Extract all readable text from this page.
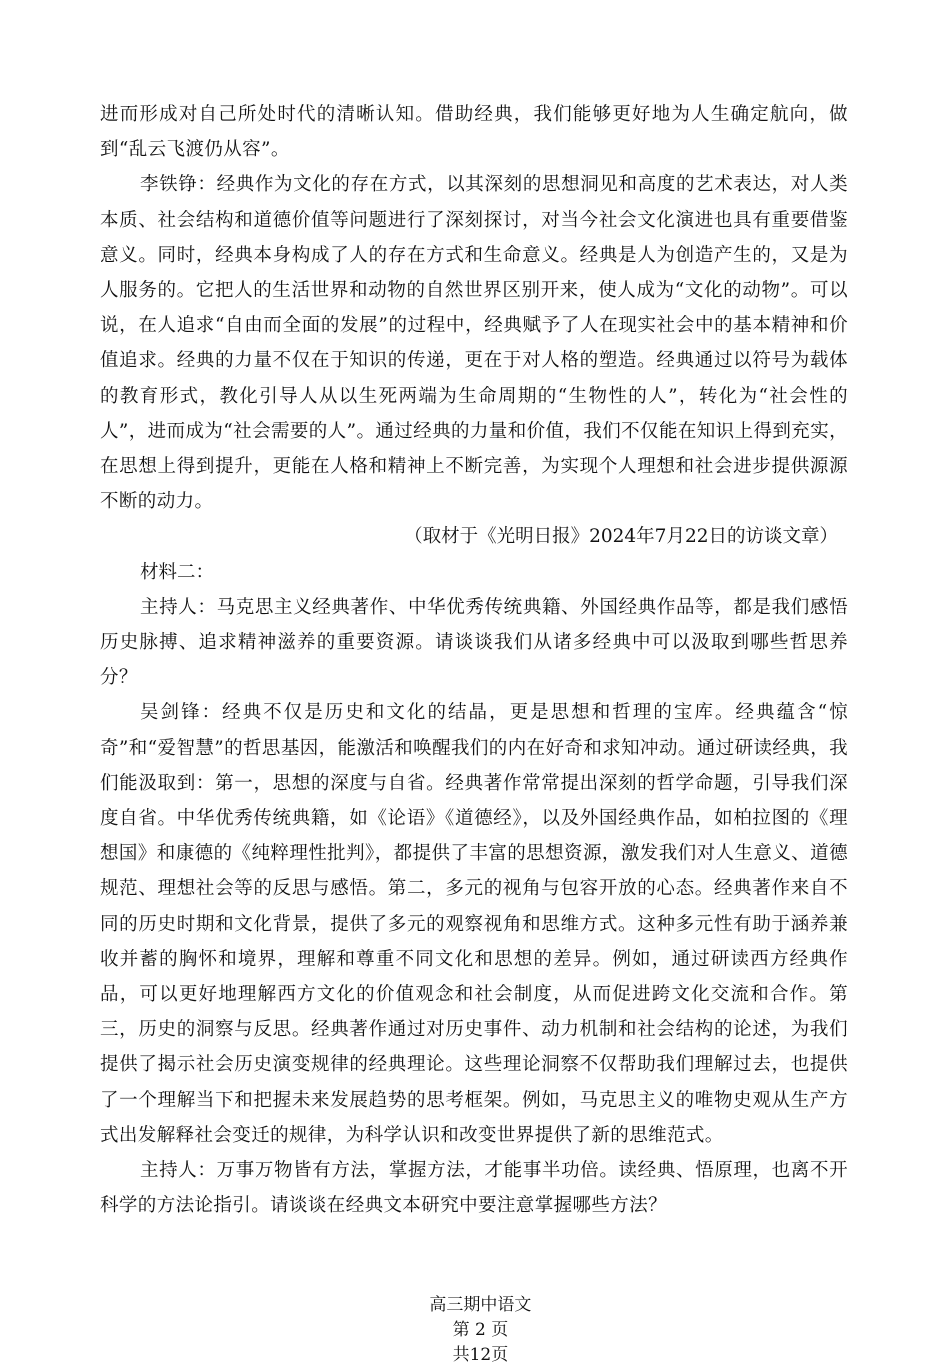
进而形成对自己所处时代的清晰认知。借助经典，我们能够更好地为人生确定航向，做到“乱云飞渡仍从容”。

李铁铮：经典作为文化的存在方式，以其深刻的思想洞见和高度的艺术表达，对人类本质、社会结构和道德价值等问题进行了深刻探讨，对当今社会文化演进也具有重要借鉴意义。同时，经典本身构成了人的存在方式和生命意义。经典是人为创造产生的，又是为人服务的。它把人的生活世界和动物的自然世界区别开来，使人成为“文化的动物”。可以说，在人追求“自由而全面的发展”的过程中，经典赋予了人在现实社会中的基本精神和价值追求。经典的力量不仅在于知识的传递，更在于对人格的塑造。经典通过以符号为载体的教育形式，教化引导人从以生死两端为生命周期的“生物性的人”，转化为“社会性的人”，进而成为“社会需要的人”。通过经典的力量和价值，我们不仅能在知识上得到充实，在思想上得到提升，更能在人格和精神上不断完善，为实现个人理想和社会进步提供源源不断的动力。

（取材于《光明日报》2024年7月22日的访谈文章）

材料二：

主持人：马克思主义经典著作、中华优秀传统典籍、外国经典作品等，都是我们感悟历史脉搏、追求精神滋养的重要资源。请谈谈我们从诸多经典中可以汲取到哪些哲思养分？

吴剑锋：经典不仅是历史和文化的结晶，更是思想和哲理的宝库。经典蕴含“惊奇”和“爱智慧”的哲思基因，能激活和唤醒我们的内在好奇和求知冲动。通过研读经典，我们能汲取到：第一，思想的深度与自省。经典著作常常提出深刻的哲学命题，引导我们深度自省。中华优秀传统典籍，如《论语》《道德经》，以及外国经典作品，如柏拉图的《理想国》和康德的《纯粹理性批判》，都提供了丰富的思想资源，激发我们对人生意义、道德规范、理想社会等的反思与感悟。第二，多元的视角与包容开放的心态。经典著作来自不同的历史时期和文化背景，提供了多元的观察视角和思维方式。这种多元性有助于涵养兼收并蓄的胸怀和境界，理解和尊重不同文化和思想的差异。例如，通过研读西方经典作品，可以更好地理解西方文化的价值观念和社会制度，从而促进跨文化交流和合作。第三，历史的洞察与反思。经典著作通过对历史事件、动力机制和社会结构的论述，为我们提供了揭示社会历史演变规律的经典理论。这些理论洞察不仅帮助我们理解过去，也提供了一个理解当下和把握未来发展趋势的思考框架。例如，马克思主义的唯物史观从生产方式出发解释社会变迁的规律，为科学认识和改变世界提供了新的思维范式。

主持人：万事万物皆有方法，掌握方法，才能事半功倍。读经典、悟原理，也离不开科学的方法论指引。请谈谈在经典文本研究中要注意掌握哪些方法？

高三期中语文
第 2 页
共12页
